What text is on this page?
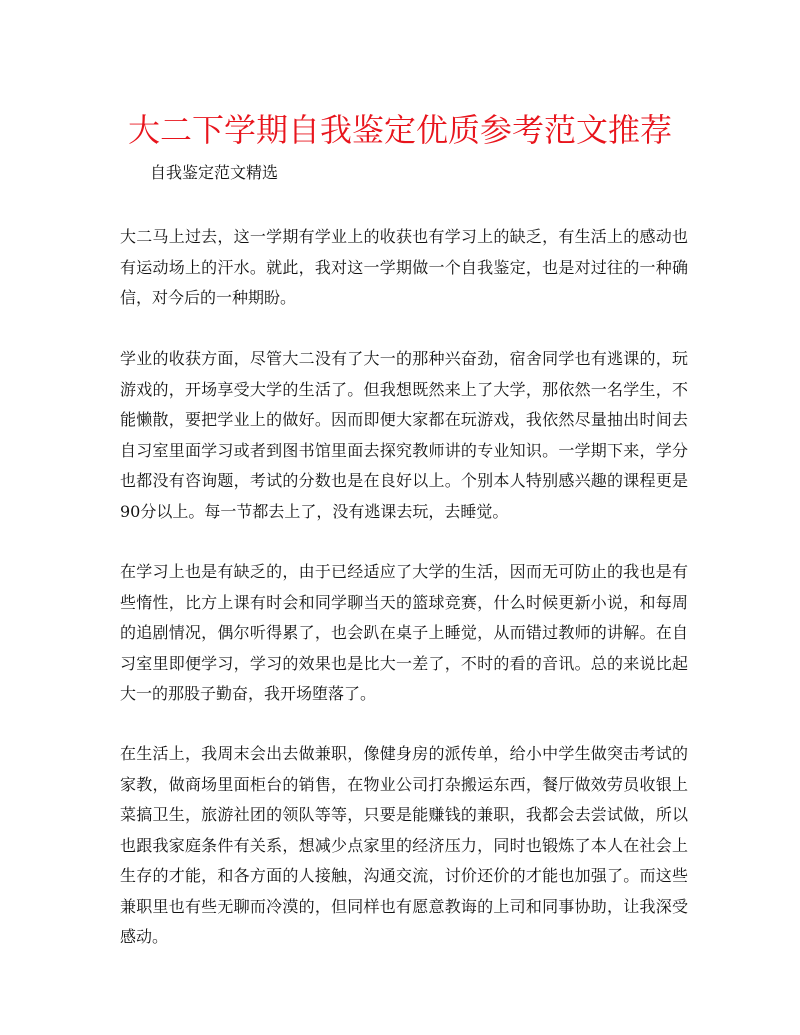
大二下学期自我鉴定优质参考范文推荐

自我鉴定范文精选

大二马上过去，这一学期有学业上的收获也有学习上的缺乏，有生活上的感动也有运动场上的汗水。就此，我对这一学期做一个自我鉴定，也是对过往的一种确信，对今后的一种期盼。

学业的收获方面，尽管大二没有了大一的那种兴奋劲，宿舍同学也有逃课的，玩游戏的，开场享受大学的生活了。但我想既然来上了大学，那依然一名学生，不能懒散，要把学业上的做好。因而即便大家都在玩游戏，我依然尽量抽出时间去自习室里面学习或者到图书馆里面去探究教师讲的专业知识。一学期下来，学分也都没有咨询题，考试的分数也是在良好以上。个别本人特别感兴趣的课程更是90分以上。每一节都去上了，没有逃课去玩，去睡觉。

在学习上也是有缺乏的，由于已经适应了大学的生活，因而无可防止的我也是有些惰性，比方上课有时会和同学聊当天的篮球竞赛，什么时候更新小说，和每周的追剧情况，偶尔听得累了，也会趴在桌子上睡觉，从而错过教师的讲解。在自习室里即便学习，学习的效果也是比大一差了，不时的看的音讯。总的来说比起大一的那股子勤奋，我开场堕落了。

在生活上，我周末会出去做兼职，像健身房的派传单，给小中学生做突击考试的家教，做商场里面柜台的销售，在物业公司打杂搬运东西，餐厅做效劳员收银上菜搞卫生，旅游社团的领队等等，只要是能赚钱的兼职，我都会去尝试做，所以也跟我家庭条件有关系，想减少点家里的经济压力，同时也锻炼了本人在社会上生存的才能，和各方面的人接触，沟通交流，讨价还价的才能也加强了。而这些兼职里也有些无聊而冷漠的，但同样也有愿意教诲的上司和同事协助，让我深受感动。
